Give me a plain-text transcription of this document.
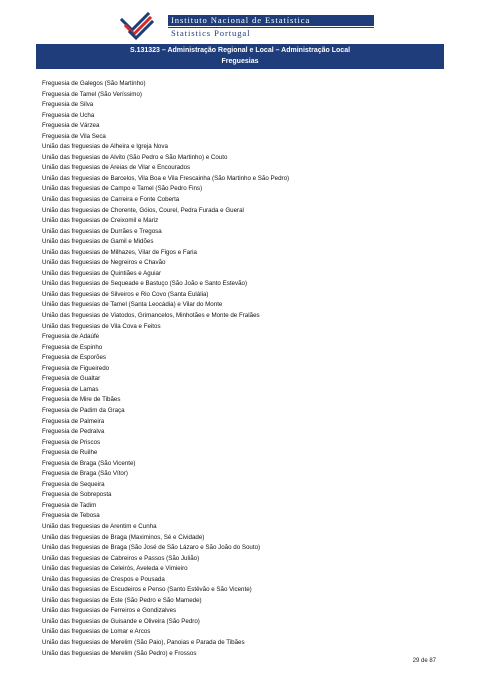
Instituto Nacional de Estatística
Statistics Portugal
S.131323 – Administração Regional e Local – Administração Local
Freguesias
Freguesia de Galegos (São Martinho)
Freguesia de Tamel (São Veríssimo)
Freguesia de Silva
Freguesia de Ucha
Freguesia de Várzea
Freguesia de Vila Seca
União das freguesias de Alheira e Igreja Nova
União das freguesias de Alvito (São Pedro e São Martinho) e Couto
União das freguesias de Areias de Vilar e Encourados
União das freguesias de Barcelos, Vila Boa e Vila Frescainha (São Martinho e São Pedro)
União das freguesias de Campo e Tamel (São Pedro Fins)
União das freguesias de Carreira e Fonte Coberta
União das freguesias de Chorente, Góios, Courel, Pedra Furada e Gueral
União das freguesias de Creixomil e Mariz
União das freguesias de Durrães e Tregosa
União das freguesias de Gamil e Midões
União das freguesias de Milhazes, Vilar de Figos e Faria
União das freguesias de Negreiros e Chavão
União das freguesias de Quintiães e Aguiar
União das freguesias de Sequeade e Bastuço (São João e Santo Estevão)
União das freguesias de Silveiros e Rio Covo (Santa Eulália)
União das freguesias de Tamel (Santa Leocádia) e Vilar do Monte
União das freguesias de Viatodos, Grimancelos, Minhotães e Monte de Fralães
União das freguesias de Vila Cova e Feitos
Freguesia de Adaúfe
Freguesia de Espinho
Freguesia de Esporões
Freguesia de Figueiredo
Freguesia de Gualtar
Freguesia de Lamas
Freguesia de Mire de Tibães
Freguesia de Padim da Graça
Freguesia de Palmeira
Freguesia de Pedralva
Freguesia de Priscos
Freguesia de Ruilhe
Freguesia de Braga (São Vicente)
Freguesia de Braga (São Vítor)
Freguesia de Sequeira
Freguesia de Sobreposta
Freguesia de Tadim
Freguesia de Tebosa
União das freguesias de Arentim e Cunha
União das freguesias de Braga (Maximinos, Sé e Cividade)
União das freguesias de Braga (São José de São Lázaro e São João do Souto)
União das freguesias de Cabreiros e Passos (São Julião)
União das freguesias de Celeirós, Aveleda e Vimieiro
União das freguesias de Crespos e Pousada
União das freguesias de Escudeiros e Penso (Santo Estêvão e São Vicente)
União das freguesias de Este (São Pedro e São Mamede)
União das freguesias de Ferreiros e Gondizalves
União das freguesias de Guisande e Oliveira (São Pedro)
União das freguesias de Lomar e Arcos
União das freguesias de Merelim (São Paio), Panoias e Parada de Tibães
União das freguesias de Merelim (São Pedro) e Frossos
29 de 87
